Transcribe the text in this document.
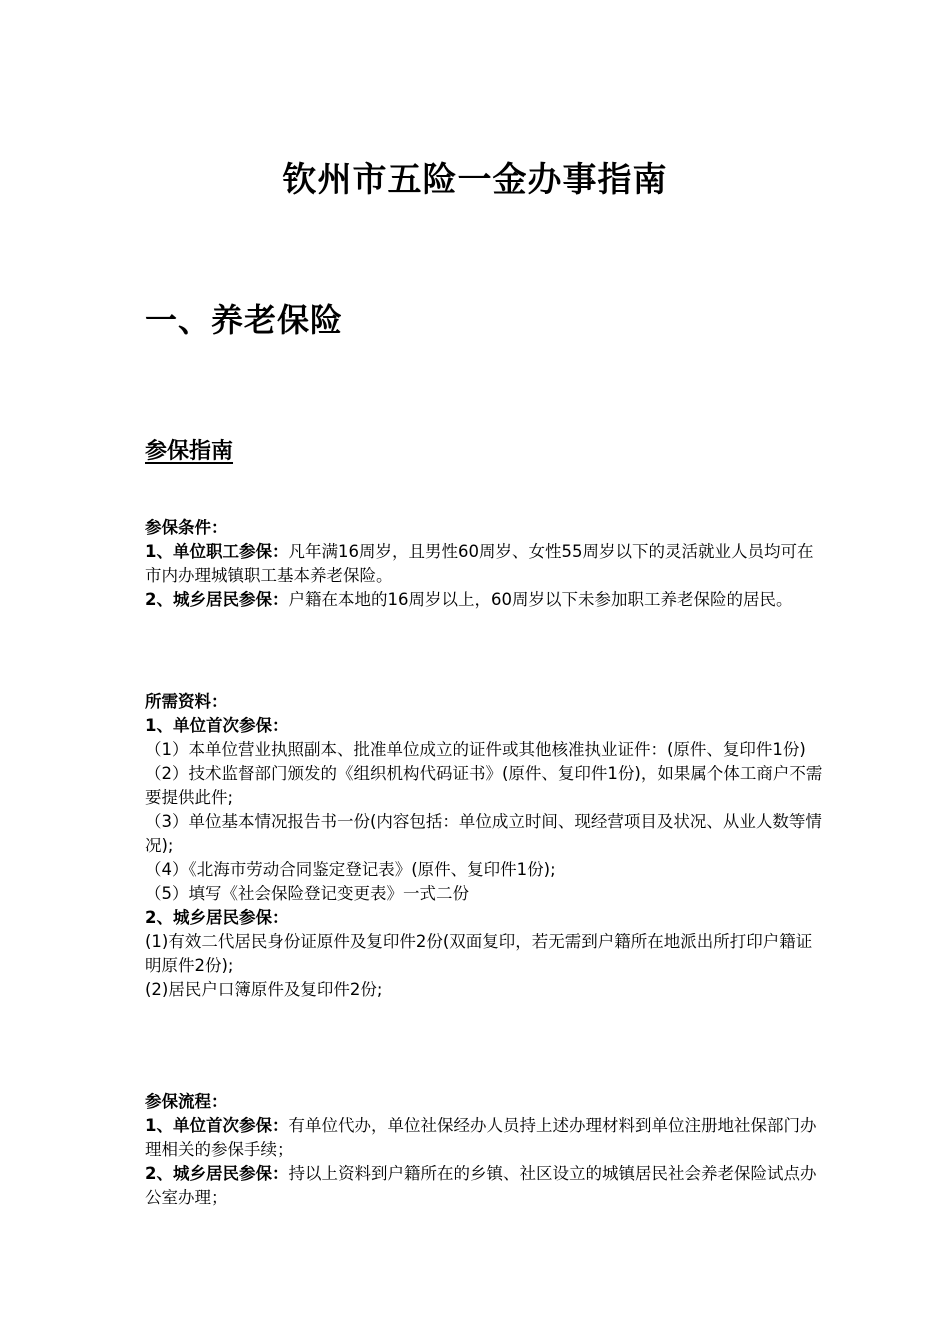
钦州市五险一金办事指南
一、养老保险
参保指南

参保条件：

1、单位职工参保：凡年满16周岁，且男性60周岁、女性55周岁以下的灵活就业人员均可在市内办理城镇职工基本养老保险。

2、城乡居民参保：户籍在本地的16周岁以上，60周岁以下未参加职工养老保险的居民。

所需资料：

1、单位首次参保：

（1）本单位营业执照副本、批准单位成立的证件或其他核准执业证件：(原件、复印件1份)

（2）技术监督部门颁发的《组织机构代码证书》(原件、复印件1份)，如果属个体工商户不需要提供此件;

（3）单位基本情况报告书一份(内容包括：单位成立时间、现经营项目及状况、从业人数等情况);

（4）《北海市劳动合同鉴定登记表》(原件、复印件1份);

（5）填写《社会保险登记变更表》一式二份

2、城乡居民参保：

(1)有效二代居民身份证原件及复印件2份(双面复印，若无需到户籍所在地派出所打印户籍证明原件2份);

(2)居民户口簿原件及复印件2份;

参保流程：

1、单位首次参保：有单位代办，单位社保经办人员持上述办理材料到单位注册地社保部门办理相关的参保手续；

2、城乡居民参保：持以上资料到户籍所在的乡镇、社区设立的城镇居民社会养老保险试点办公室办理；
